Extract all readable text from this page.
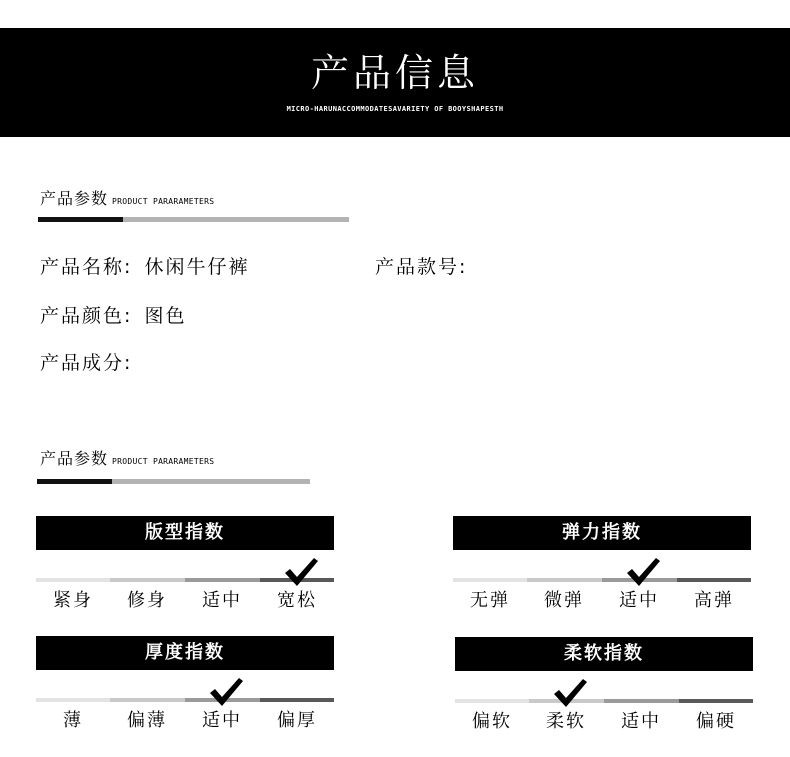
产品信息
MICRO-HARUNACCOMMODATESAVARIETY OF BOOYSHAPESTH
产品参数 PRODUCT PARARAMETERS
产品名称: 休闲牛仔裤	产品款号:
产品颜色: 图色
产品成分:
产品参数 PRODUCT PARARAMETERS
版型指数
紧身	修身	适中	宽松
弹力指数
无弹	微弹	适中	高弹
厚度指数
薄	偏薄	适中	偏厚
柔软指数
偏软	柔软	适中	偏硬
